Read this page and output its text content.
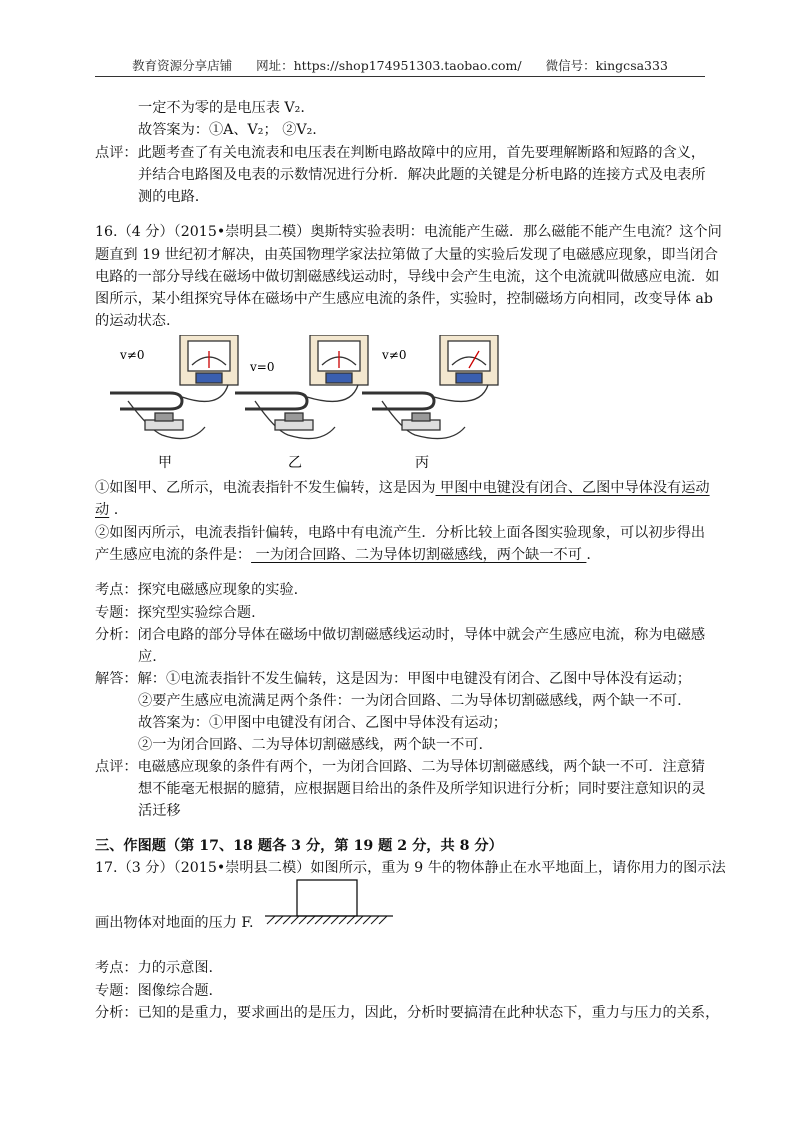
教育资源分享店铺 网址：https://shop174951303.taobao.com/ 微信号：kingcsa333
一定不为零的是电压表 V₂.
故答案为：①A、V₂； ②V₂.
点评：此题考查了有关电流表和电压表在判断电路故障中的应用，首先要理解断路和短路的含义，
并结合电路图及电表的示数情况进行分析．解决此题的关键是分析电路的连接方式及电表所
测的电路.
16.（4 分）（2015•崇明县二模）奥斯特实验表明：电流能产生磁．那么磁能不能产生电流？这个问
题直到 19 世纪初才解决，由英国物理学家法拉第做了大量的实验后发现了电磁感应现象，即当闭合
电路的一部分导线在磁场中做切割磁感线运动时，导线中会产生电流，这个电流就叫做感应电流．如
图所示，某小组探究导体在磁场中产生感应电流的条件，实验时，控制磁场方向相同，改变导体 ab
的运动状态.
v≠0
v=0
v≠0
甲	乙	丙
①如图甲、乙所示，电流表指针不发生偏转，这是因为 甲图中电键没有闭合、乙图中导体没有运动
动 .
②如图丙所示，电流表指针偏转，电路中有电流产生．分析比较上面各图实验现象，可以初步得出
产生感应电流的条件是： 一为闭合回路、二为导体切割磁感线，两个缺一不可 .
考点：探究电磁感应现象的实验.
专题：探究型实验综合题.
分析：闭合电路的部分导体在磁场中做切割磁感线运动时，导体中就会产生感应电流，称为电磁感
应.
解答：解：①电流表指针不发生偏转，这是因为：甲图中电键没有闭合、乙图中导体没有运动；
②要产生感应电流满足两个条件：一为闭合回路、二为导体切割磁感线，两个缺一不可.
故答案为：①甲图中电键没有闭合、乙图中导体没有运动；
②一为闭合回路、二为导体切割磁感线，两个缺一不可.
点评：电磁感应现象的条件有两个，一为闭合回路、二为导体切割磁感线，两个缺一不可．注意猜
想不能毫无根据的臆猜，应根据题目给出的条件及所学知识进行分析；同时要注意知识的灵
活迁移
三、作图题（第 17、18 题各 3 分，第 19 题 2 分，共 8 分）
17.（3 分）（2015•崇明县二模）如图所示，重为 9 牛的物体静止在水平地面上，请你用力的图示法
画出物体对地面的压力 F.
考点：力的示意图.
专题：图像综合题.
分析：已知的是重力，要求画出的是压力，因此，分析时要搞清在此种状态下，重力与压力的关系，
